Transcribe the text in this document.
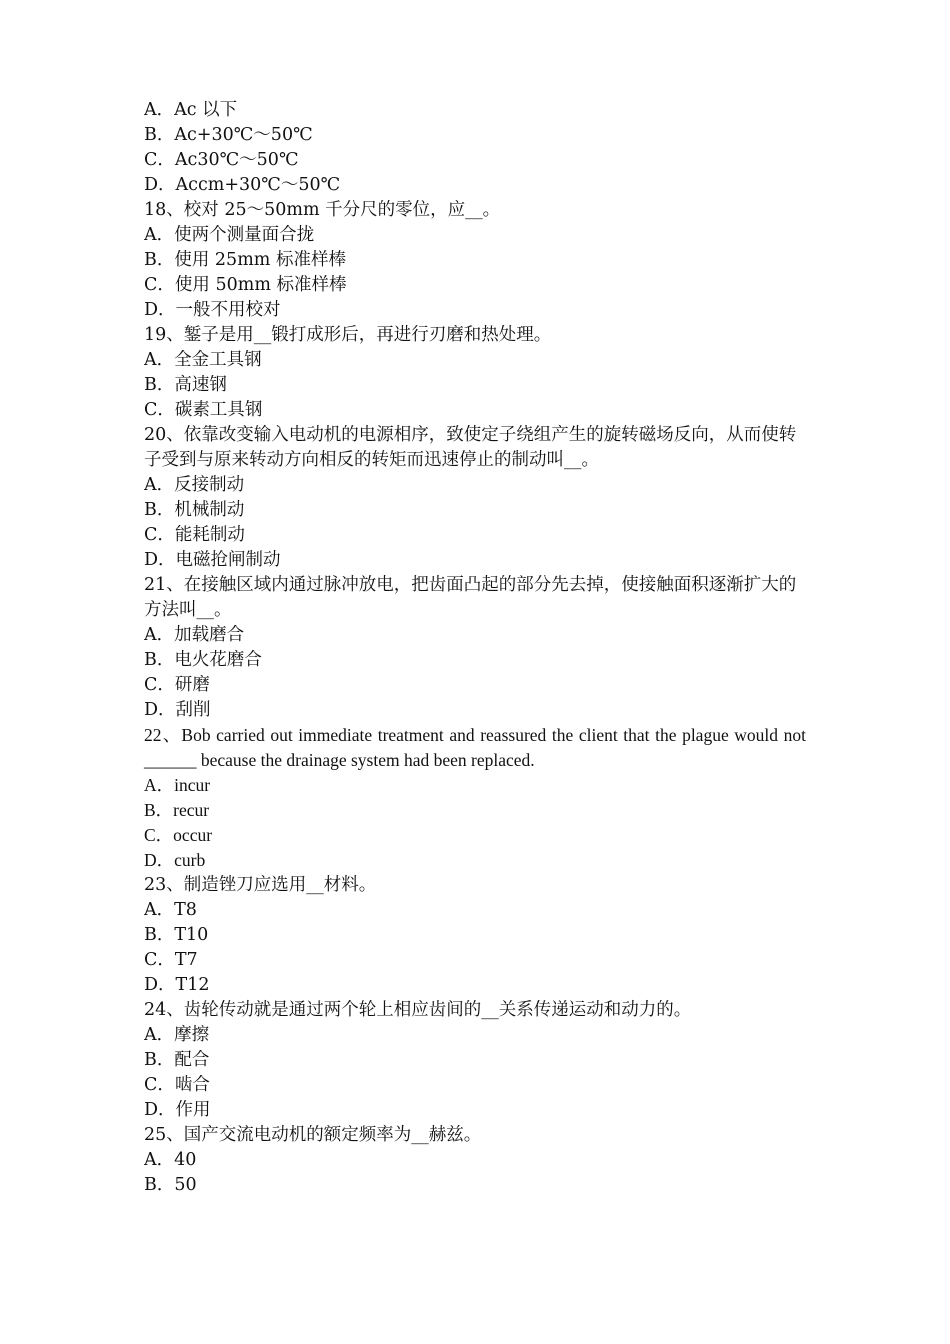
A．Ac 以下
B．Ac+30℃～50℃
C．Ac30℃～50℃
D．Accm+30℃～50℃
18、校对 25～50mm 千分尺的零位，应__。
A．使两个测量面合拢
B．使用 25mm 标准样棒
C．使用 50mm 标准样棒
D．一般不用校对
19、錾子是用__锻打成形后，再进行刃磨和热处理。
A．全金工具钢
B．高速钢
C．碳素工具钢
20、依靠改变输入电动机的电源相序，致使定子绕组产生的旋转磁场反向，从而使转子受到与原来转动方向相反的转矩而迅速停止的制动叫__。
A．反接制动
B．机械制动
C．能耗制动
D．电磁抢闸制动
21、在接触区域内通过脉冲放电，把齿面凸起的部分先去掉，使接触面积逐渐扩大的方法叫__。
A．加载磨合
B．电火花磨合
C．研磨
D．刮削
22、Bob carried out immediate treatment and reassured the client that the plague would not ______ because the drainage system had been replaced.
A．incur
B．recur
C．occur
D．curb
23、制造锉刀应选用__材料。
A．T8
B．T10
C．T7
D．T12
24、齿轮传动就是通过两个轮上相应齿间的__关系传递运动和动力的。
A．摩擦
B．配合
C．啮合
D．作用
25、国产交流电动机的额定频率为__赫兹。
A．40
B．50
